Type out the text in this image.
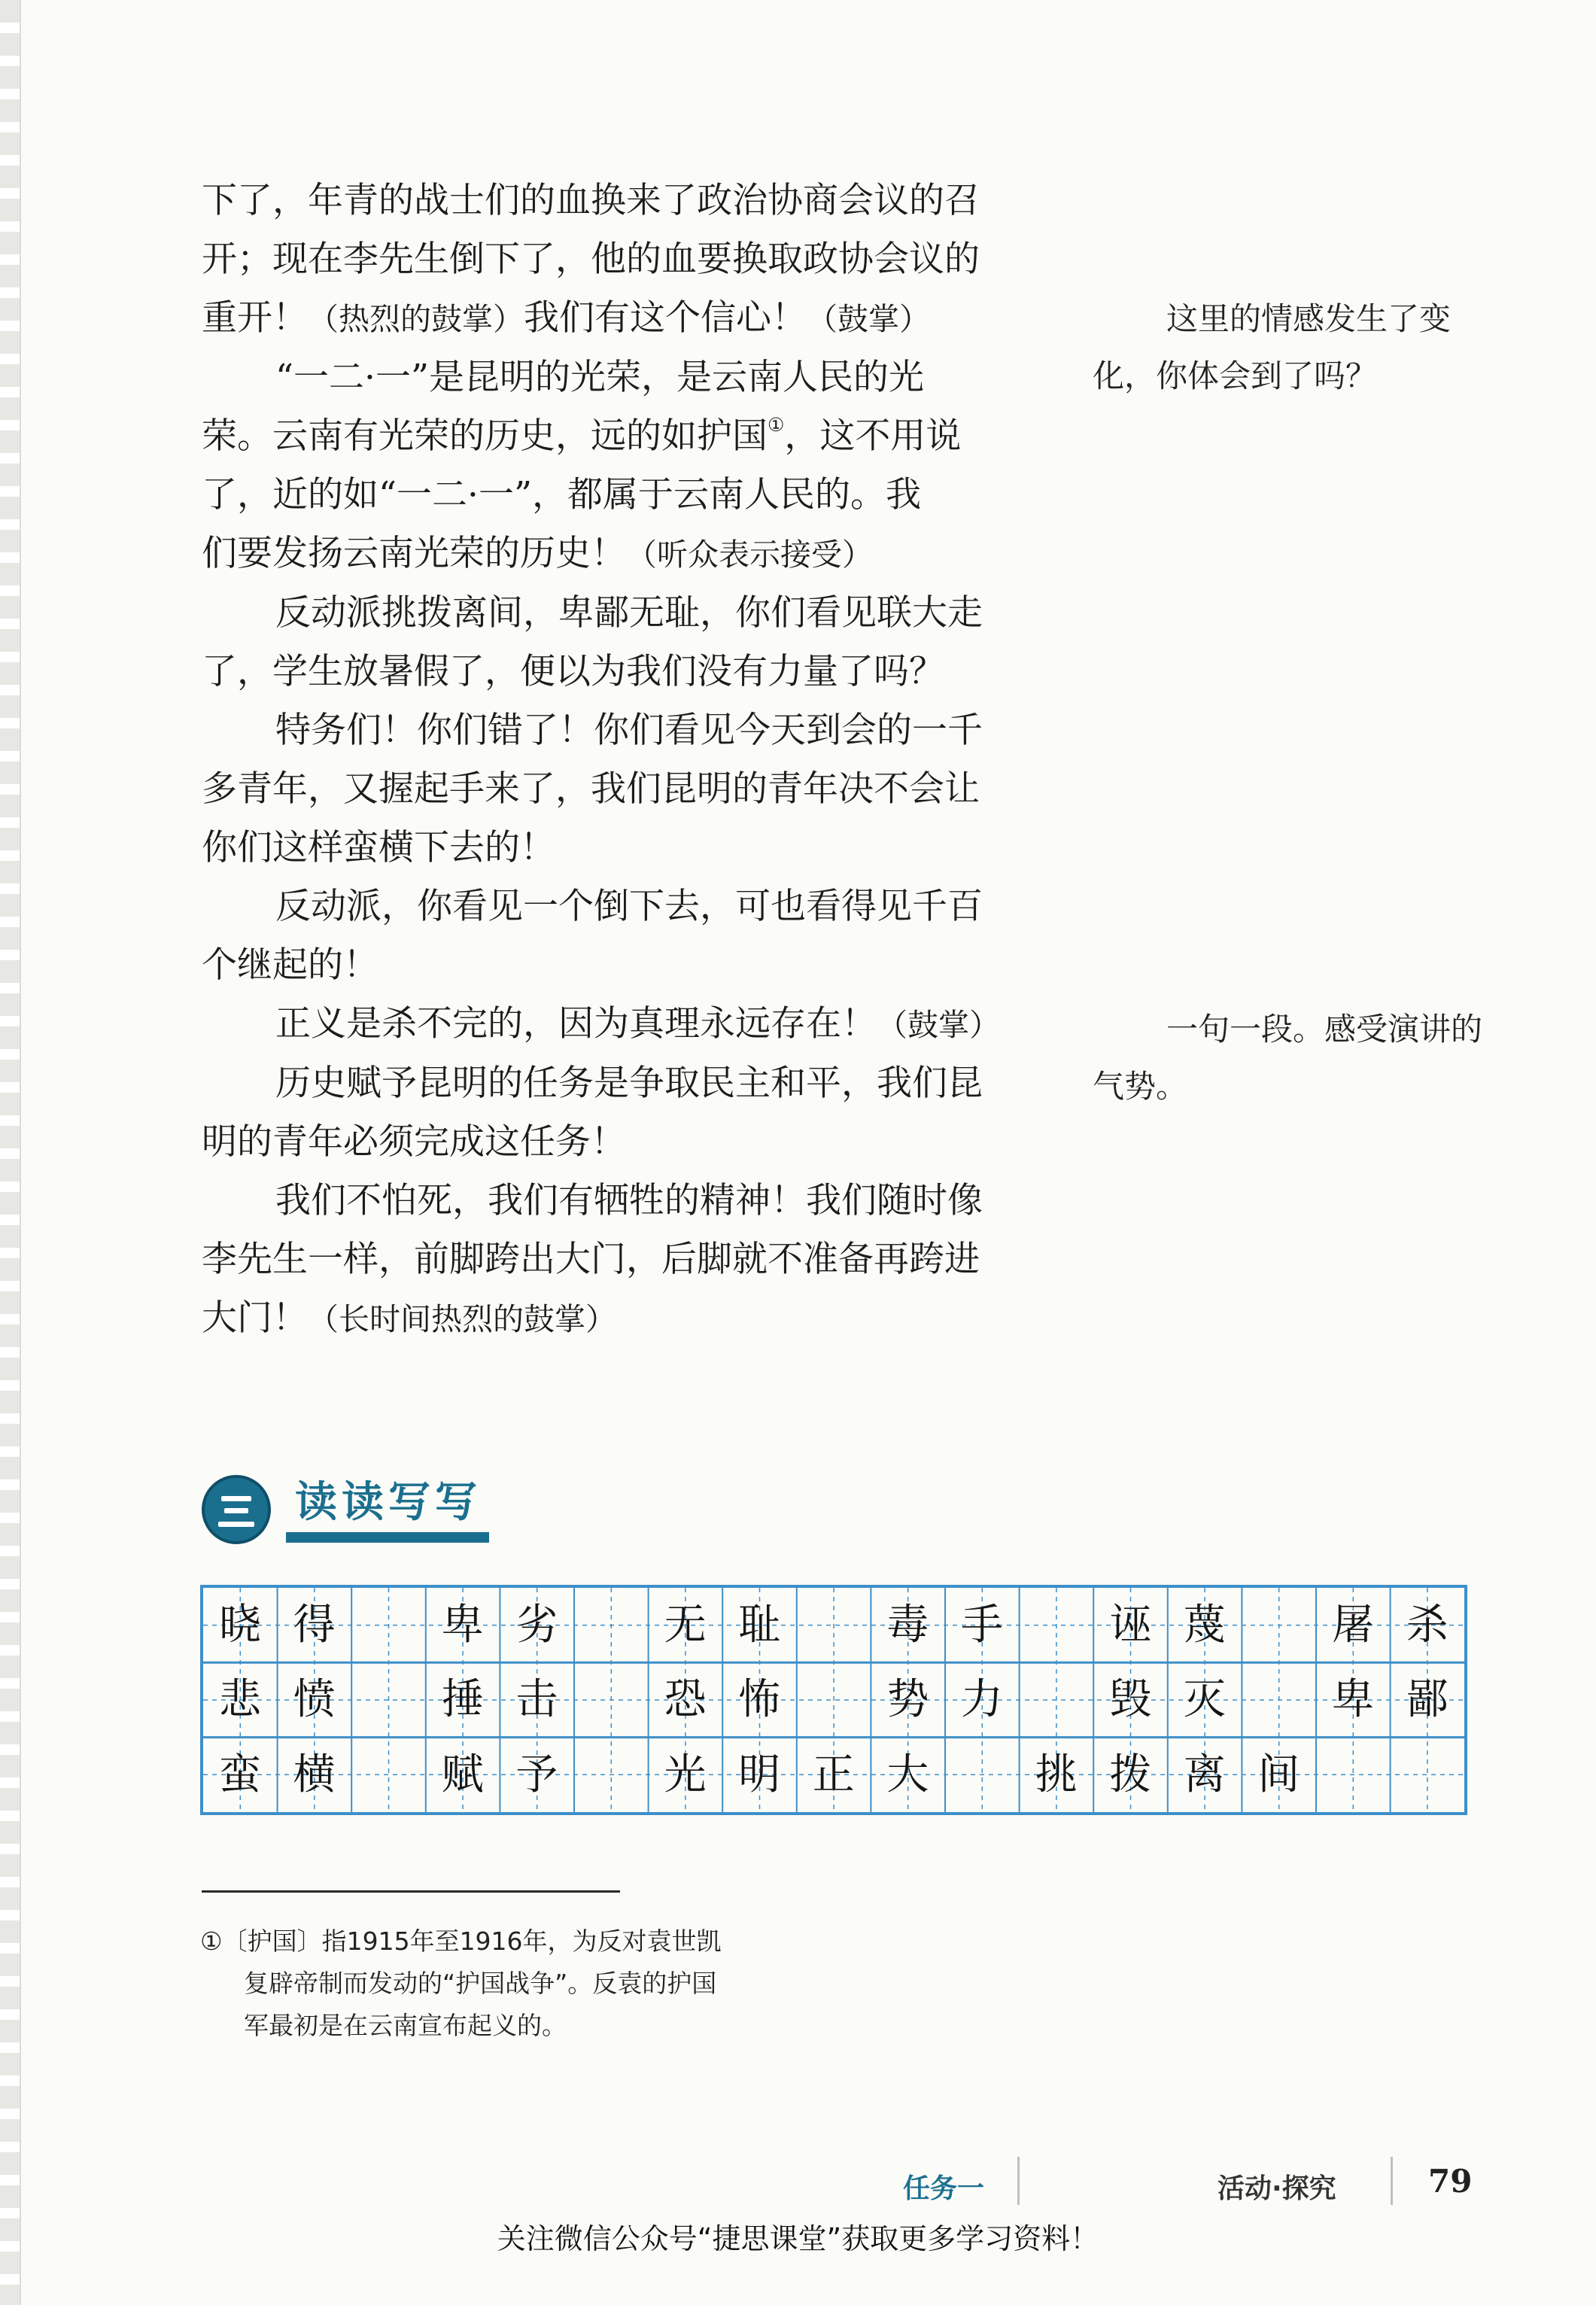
下了，年青的战士们的血换来了政治协商会议的召

开；现在李先生倒下了，他的血要换取政协会议的

重开！（热烈的鼓掌）我们有这个信心！（鼓掌）

“一二·一”是昆明的光荣，是云南人民的光

荣。云南有光荣的历史，远的如护国①，这不用说

了，近的如“一二·一”，都属于云南人民的。我

们要发扬云南光荣的历史！（听众表示接受）

反动派挑拨离间，卑鄙无耻，你们看见联大走

了，学生放暑假了，便以为我们没有力量了吗？

特务们！你们错了！你们看见今天到会的一千

多青年，又握起手来了，我们昆明的青年决不会让

你们这样蛮横下去的！

反动派，你看见一个倒下去，可也看得见千百

个继起的！

正义是杀不完的，因为真理永远存在！（鼓掌）

历史赋予昆明的任务是争取民主和平，我们昆

明的青年必须完成这任务！

我们不怕死，我们有牺牲的精神！我们随时像

李先生一样，前脚跨出大门，后脚就不准备再跨进

大门！（长时间热烈的鼓掌）

这里的情感发生了变化，你体会到了吗？

一句一段。感受演讲的气势。

读读写写
晓 得	卑 劣	无 耻	毒 手	诬 蔑	屠 杀
悲 愤	捶 击	恐 怖	势 力	毁 灭	卑 鄙
蛮 横	赋 予	光 明 正 大	挑 拨 离 间

①〔护国〕指1915年至1916年，为反对袁世凯

复辟帝制而发动的“护国战争”。反袁的护国

军最初是在云南宣布起义的。

任务一	活动·探究	79
关注微信公众号“捷思课堂”获取更多学习资料！
